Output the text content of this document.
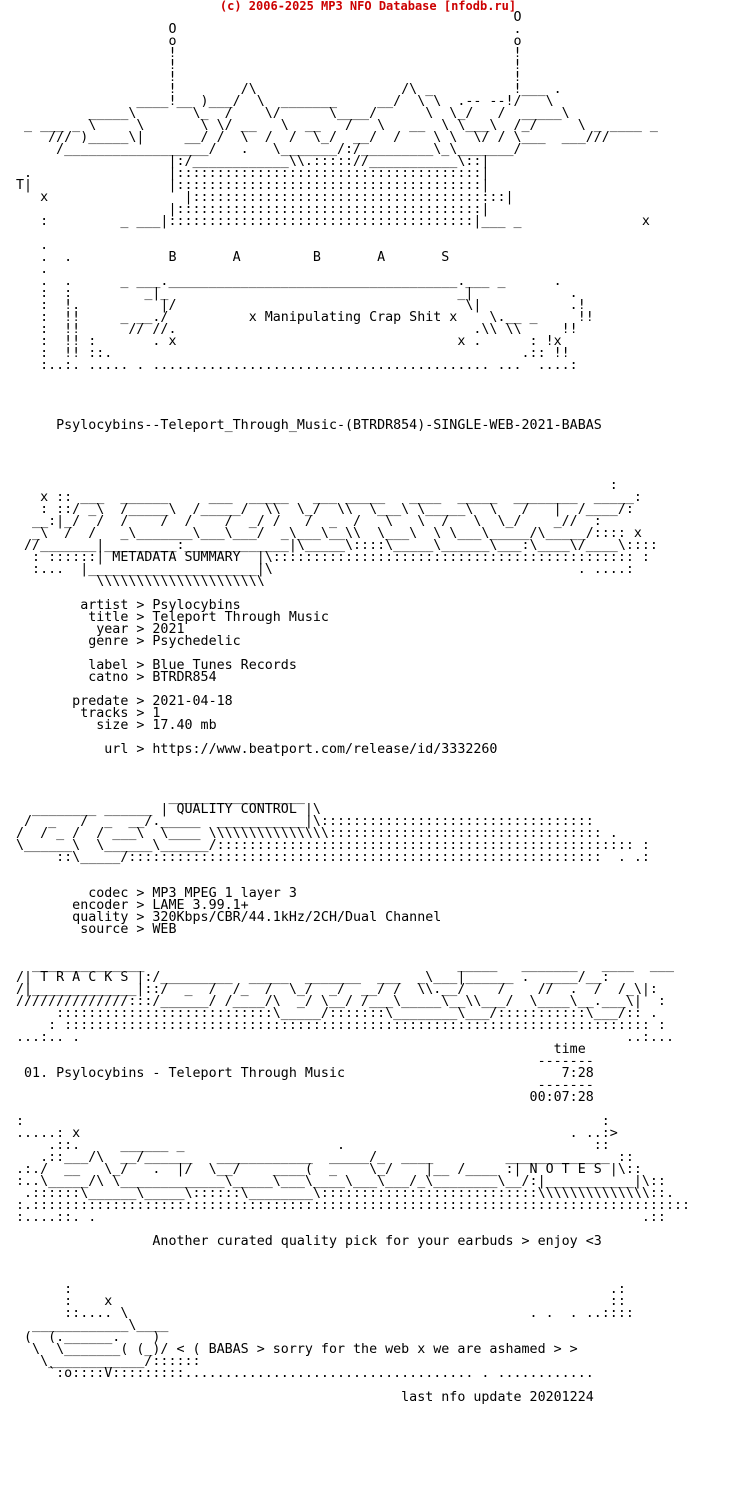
(c) 2006-2025 MP3 NFO Database [nfodb.ru]
O
O                                          .
o                                          o
!                                          !
!                                          !
!                                          !
!        /\                  /\ _          !___ .
____!__ )___/  \  _______     __/  \ \  .-- --!/   \
_____\       \_  /    \/      \____/      \  \_/   /  _____\
_ ___ _ \     \       \ \/ __   \  __   /   \   __  \ \___\  /_/     \ _ ____ _
/// )_____\|     __/ /  \  /  /  \_/  __/  /    \ \  \/ / \___  ___///
/__________________/   .   \_______/:/_________\_\_______/
|:/____________\\.::::://___________\::|
.                 |::::::::::::::::::::::::::::::::::::::|
T|                 |::::::::::::::::::::::::::::::::::::::|
x                 |:::::::::::::::::::::::::::::::::::::::|
|::::::::::::::::::::::::::::::::::::::|
:         _ ___|::::::::::::::::::::::::::::::::::::::|___ _               x
.
.  .            B       A         B       A       S
.
.  .      _ ___.____________________________________.___ _      .
:  :         _|_                                    _|            .
:  !.          |/                                    \|           .!
:  !!     _ __./          x Manipulating Crap Shit x    \.__ _     !!
:  !!      // //.                                     .\\ \\     !!
:  !! :       . x                                   x .      : !x
:  !! ::.                                                   .:: !!
:..:. ..... . .......................................... ...  ....:
Psylocybins--Teleport_Through_Music-(BTRDR854)-SINGLE-WEB-2021-BABAS
:
x :: ___  ______     ___  _____   ___ _____   ____  _____  ________  _____:
: ::/ _\  /_____\  /_____/  \\  \_/  \\  \___\ \_____\  \   /   |  /____/:
__:|_/  /  /    /  /    /  _/ /   /  _  /   \   \  /   \  \_/    _//  :
_\  /  /   _\_______\___\___/  _\___\__\\  \___\  \ \___\_____/\_____/:::: x
//_______|_________:_____________|\_____\::::\_____\______\___:\____\/____\::::
: ::::::| METADATA SUMMARY  |\::::::::::::::::::::::::::::::::::::::::::::: :
:...  |_____________________|\                                      . ....:
\\\\\\\\\\\\\\\\\\\\\
artist > Psylocybins
title > Teleport Through Music
year > 2021
genre > Psychedelic
label > Blue Tunes Records
catno > BTRDR854
predate > 2021-04-18
tracks > 1
size > 17.40 mb
url > https://www.beatport.com/release/id/3332260
_________________
________ ______ | QUALITY CONTROL |\
/  _   /  _  __/._____  ___________|\::::::::::::::::::::::::::::::::::
/  / _ /  / ___\  \____ \\\\\\\\\\\\\\\:::::::::::::::::::::::::::::::::: .
\______\  \______\______/:::::::::::::::::::::::::::::::::::::::::::::::::::: :
::\_____/:::::::::::::::::::::::::::::::::::::::::::::::::::::::::::  . .:
codec > MP3 MPEG 1 layer 3
encoder > LAME 3.99.1+
quality > 320Kbps/CBR/44.1kHz/2CH/Dual Channel
source > WEB
______________                                       _____   _______   ____  ___
/| T R A C K S |:/_________  _____  _______  ___  _\___|______ .  ____/__:
/|_____________|::/  _  /  /_  /  \_/  _/  __/ /  \\.__/    /    //  .  /  /_\|:
//////////////:::/______/ /____/\  _/ \__/ /___\_____\__\\___/  \____\__.___\|  :
:::::::::::::::::::::::::::\_____/:::::::\________\___/:::::::::::\___/:: .
: ::::::::::::::::::::::::::::::::::::::::::::::::::::::::::::::::::::::::: :
...:.. .                                                                    ..:...
time
-------
01. Psylocybins - Teleport Through Music                           7:28
-------
00:07:28
:                                                                        :
.....: x                                                             . ..:>
.::.     ______ _                   .                               ::
.::___/\  __/______   ____________  _____/_  ____         _____________ ::
.:./  __   \_/   .  |/  \__/    ____(  _    \_/    |__ /____ :| N O T E S |\::
:..\_____/\ \_____________\_____\___\____\___\___/_\________\__/:|___________|\::
.::::::\______\_____\::::::\________\:::::::::::::::::::::::::::\\\\\\\\\\\\\\::.
:.::::::::::::::::::::::::::::::::::::::::::::::::::::::::::::::::::::::::::::::::::
:....::. .                                                                    .::
Another curated quality pick for your earbuds > enjoy <3
:                                                                   .:
:    x                                                              ::
::.... \                                                  . .  . ..::::
____________\____
(  (.______.    )
\  \_______( (_)/ < ( BABAS > sorry for the web x we are ashamed > >
\____________/::::::
`:o::::V:::::::::.................................... . ............
last nfo update 20201224
